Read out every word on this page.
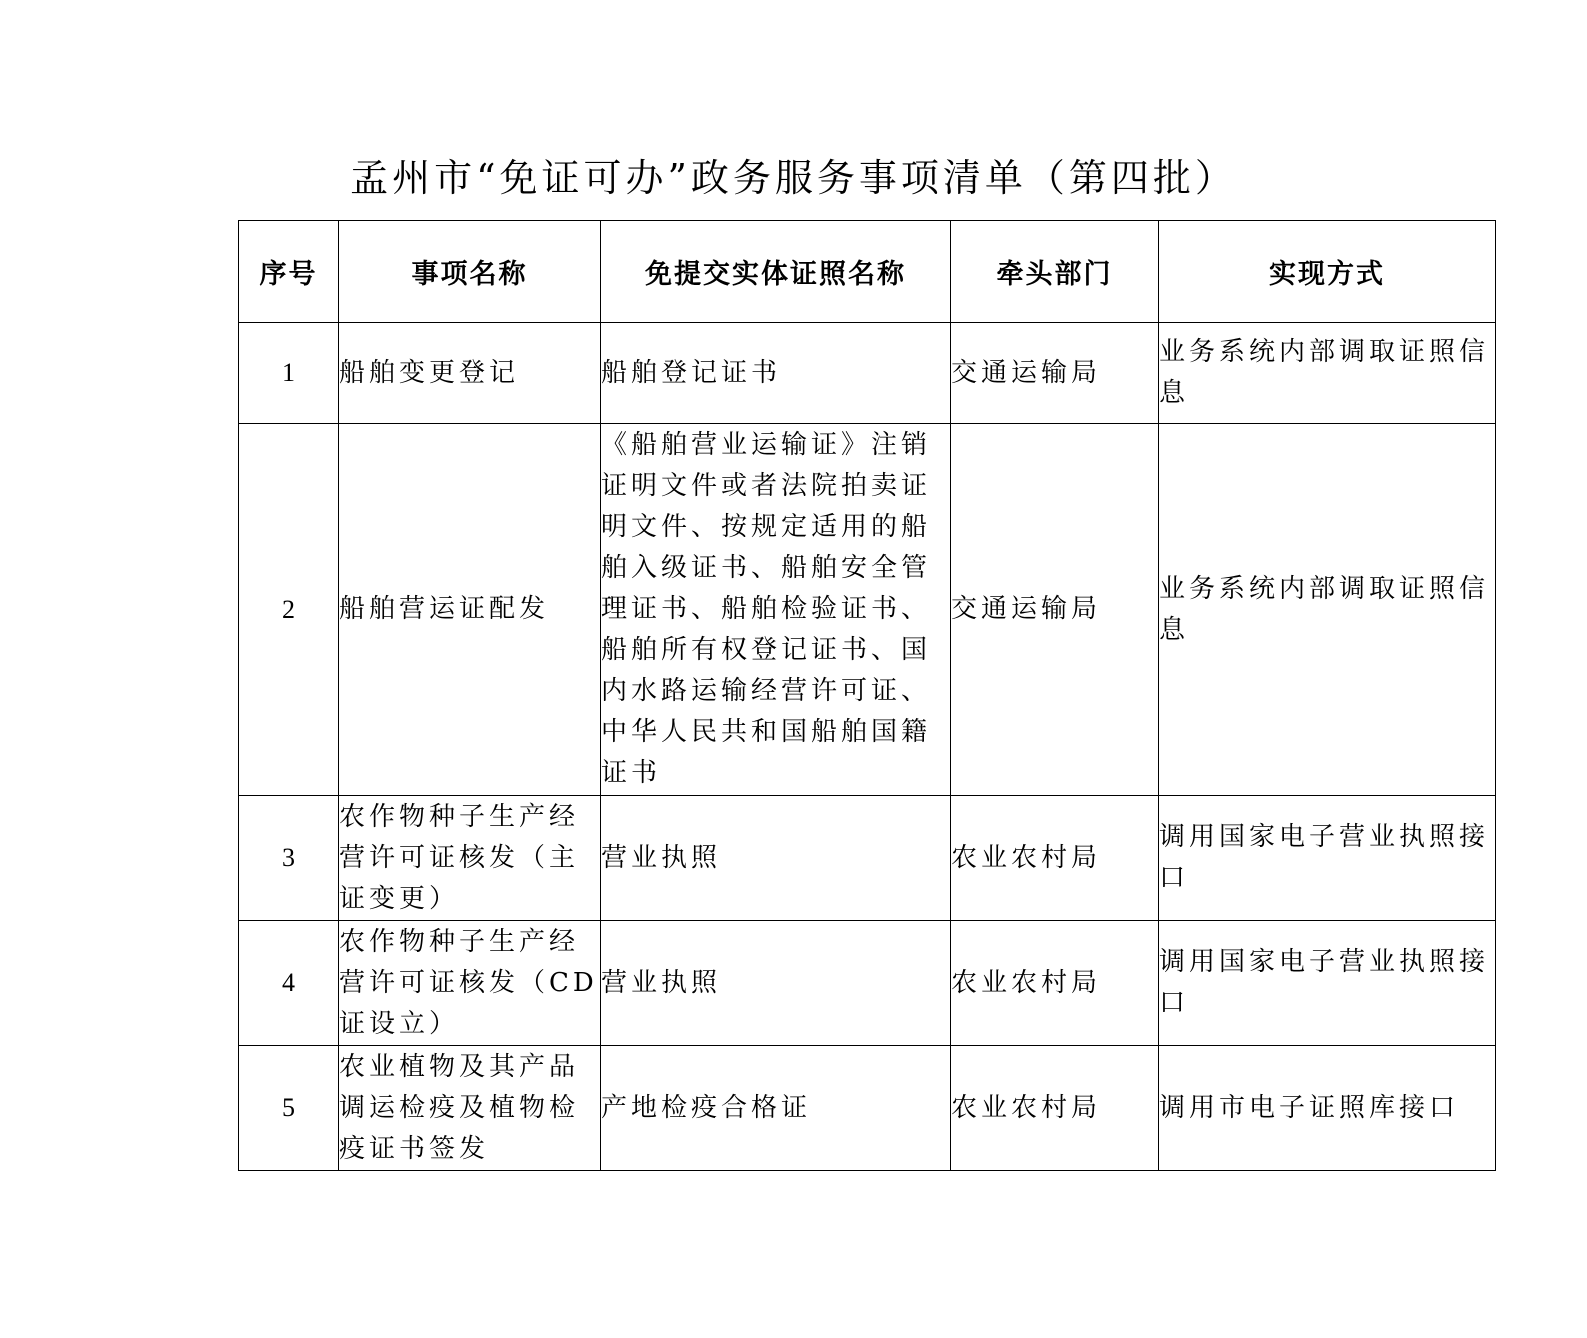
孟州市“免证可办”政务服务事项清单（第四批）
序号	事项名称	免提交实体证照名称	牵头部门	实现方式
1	船舶变更登记	船舶登记证书	交通运输局	业务系统内部调取证照信息
2	船舶营运证配发	《船舶营业运输证》注销证明文件或者法院拍卖证明文件、按规定适用的船舶入级证书、船舶安全管理证书、船舶检验证书、船舶所有权登记证书、国内水路运输经营许可证、中华人民共和国船舶国籍证书	交通运输局	业务系统内部调取证照信息
3	农作物种子生产经营许可证核发（主证变更）	营业执照	农业农村局	调用国家电子营业执照接口
4	农作物种子生产经营许可证核发（CD证设立）	营业执照	农业农村局	调用国家电子营业执照接口
5	农业植物及其产品调运检疫及植物检疫证书签发	产地检疫合格证	农业农村局	调用市电子证照库接口
